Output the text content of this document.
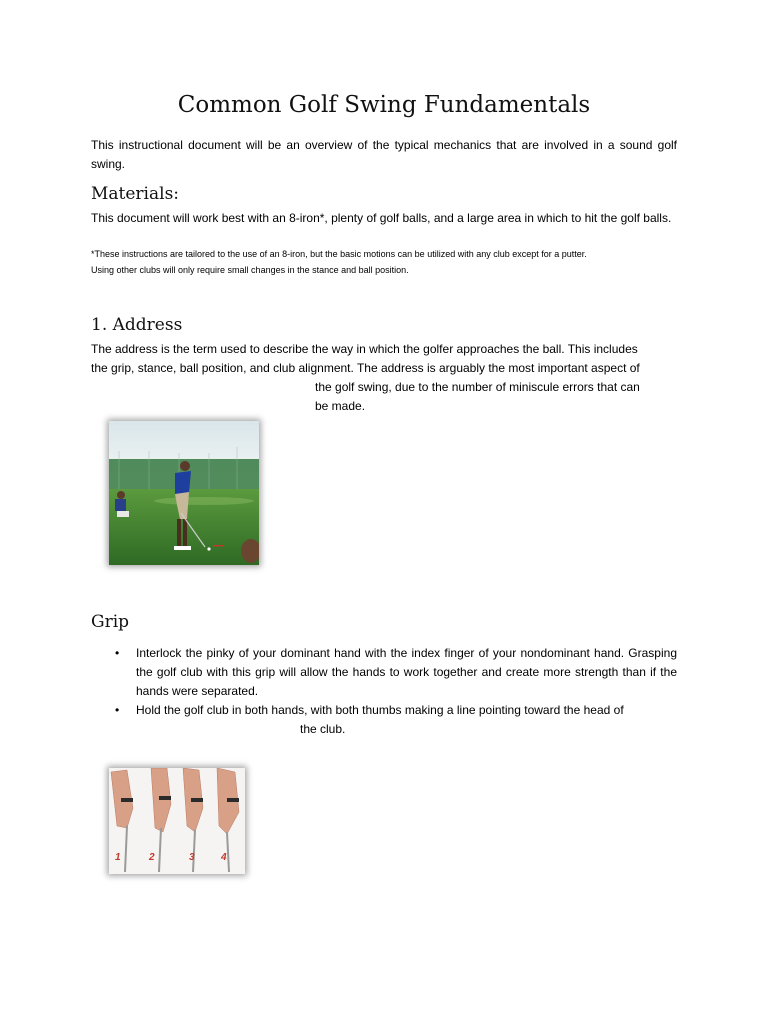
Common Golf Swing Fundamentals
This instructional document will be an overview of the typical mechanics that are involved in a sound golf swing.
Materials:
This document will work best with an 8-iron*, plenty of golf balls, and a large area in which to hit the golf balls.
*These instructions are tailored to the use of an 8-iron, but the basic motions can be utilized with any club except for a putter.
Using other clubs will only require small changes in the stance and ball position.
1. Address
The address is the term used to describe the way in which the golfer approaches the ball. This includes
the grip, stance, ball position, and club alignment. The address is arguably the most important aspect of
the golf swing, due to the number of miniscule errors that can
be made.
Grip
• Interlock the pinky of your dominant hand with the index finger of your nondominant hand. Grasping the golf club with this grip will allow the hands to work together and create more strength than if the hands were separated.
• Hold the golf club in both hands, with both thumbs making a line pointing toward the head of
the club.
1	2	3	4
